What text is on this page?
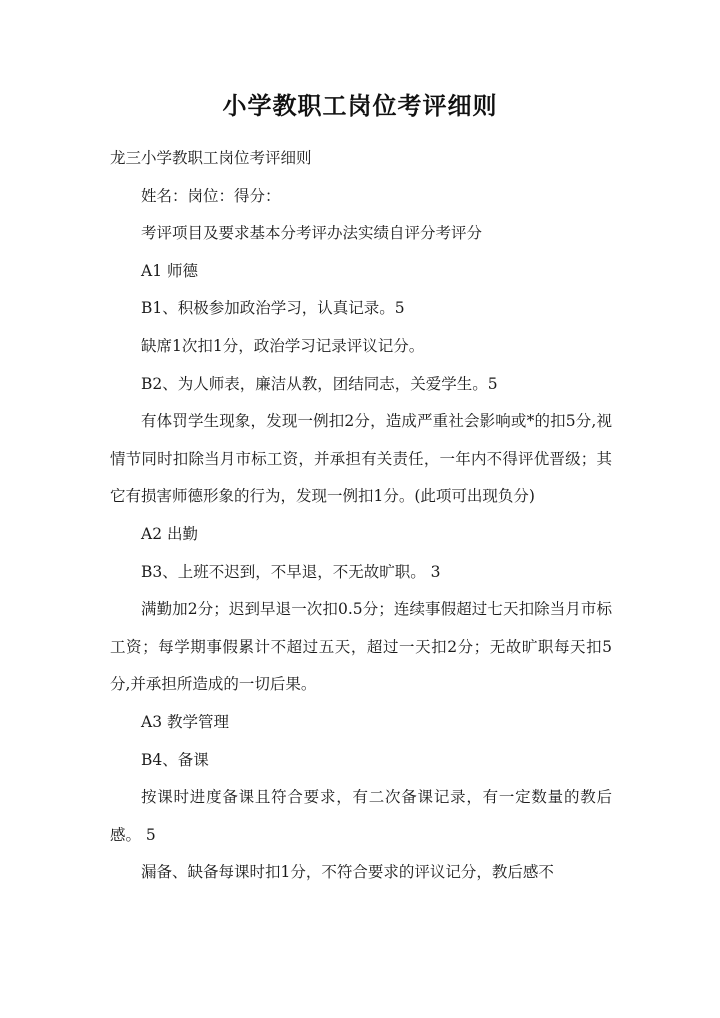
小学教职工岗位考评细则

龙三小学教职工岗位考评细则

姓名：岗位：得分：

考评项目及要求基本分考评办法实绩自评分考评分

A1 师德

B1、积极参加政治学习，认真记录。5

缺席1次扣1分，政治学习记录评议记分。

B2、为人师表，廉洁从教，团结同志，关爱学生。5

有体罚学生现象，发现一例扣2分，造成严重社会影响或*的扣5分,视情节同时扣除当月市标工资，并承担有关责任，一年内不得评优晋级；其它有损害师德形象的行为，发现一例扣1分。(此项可出现负分)

A2 出勤

B3、上班不迟到，不早退，不无故旷职。 3

满勤加2分；迟到早退一次扣0.5分；连续事假超过七天扣除当月市标工资；每学期事假累计不超过五天，超过一天扣2分；无故旷职每天扣5分,并承担所造成的一切后果。

A3 教学管理

B4、备课

按课时进度备课且符合要求，有二次备课记录，有一定数量的教后感。 5

漏备、缺备每课时扣1分，不符合要求的评议记分，教后感不
